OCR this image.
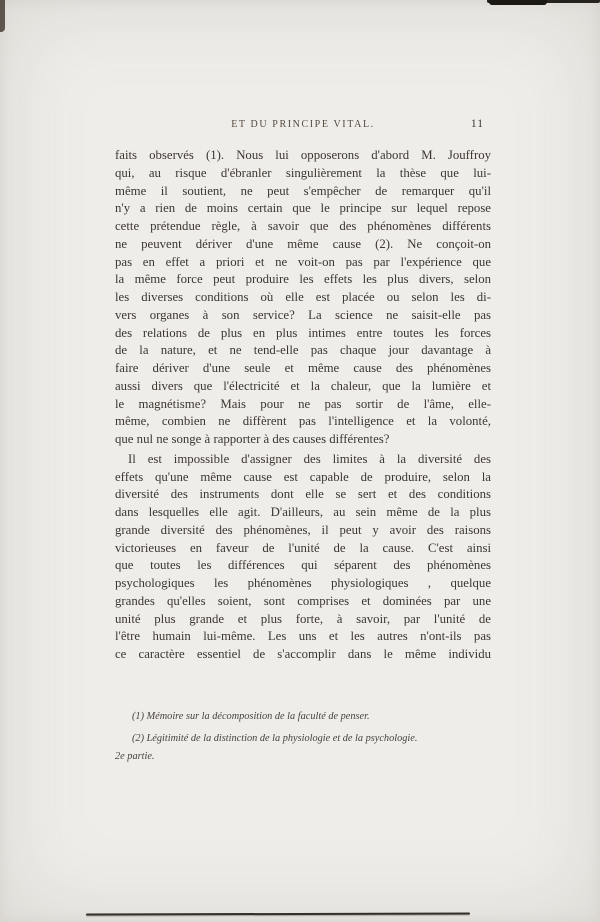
ET DU PRINCIPE VITAL.	11
faits observés (1). Nous lui opposerons d'abord M. Jouffroy
qui, au risque d'ébranler singulièrement la thèse que lui-
même il soutient, ne peut s'empêcher de remarquer qu'il
n'y a rien de moins certain que le principe sur lequel repose
cette prétendue règle, à savoir que des phénomènes différents
ne peuvent dériver d'une même cause (2). Ne conçoit-on
pas en effet a priori et ne voit-on pas par l'expérience que
la même force peut produire les effets les plus divers, selon
les diverses conditions où elle est placée ou selon les di-
vers organes à son service? La science ne saisit-elle pas
des relations de plus en plus intimes entre toutes les forces
de la nature, et ne tend-elle pas chaque jour davantage à
faire dériver d'une seule et même cause des phénomènes
aussi divers que l'électricité et la chaleur, que la lumière et
le magnétisme? Mais pour ne pas sortir de l'âme, elle-
même, combien ne diffèrent pas l'intelligence et la volonté,
que nul ne songe à rapporter à des causes différentes?
Il est impossible d'assigner des limites à la diversité des
effets qu'une même cause est capable de produire, selon la
diversité des instruments dont elle se sert et des conditions
dans lesquelles elle agit. D'ailleurs, au sein même de la plus
grande diversité des phénomènes, il peut y avoir des raisons
victorieuses en faveur de l'unité de la cause. C'est ainsi
que toutes les différences qui séparent des phénomènes
psychologiques les phénomènes physiologiques , quelque
grandes qu'elles soient, sont comprises et dominées par une
unité plus grande et plus forte, à savoir, par l'unité de
l'être humain lui-même. Les uns et les autres n'ont-ils pas
ce caractère essentiel de s'accomplir dans le même individu
(1) Mémoire sur la décomposition de la faculté de penser.
(2) Légitimité de la distinction de la physiologie et de la psychologie.
2e partie.
